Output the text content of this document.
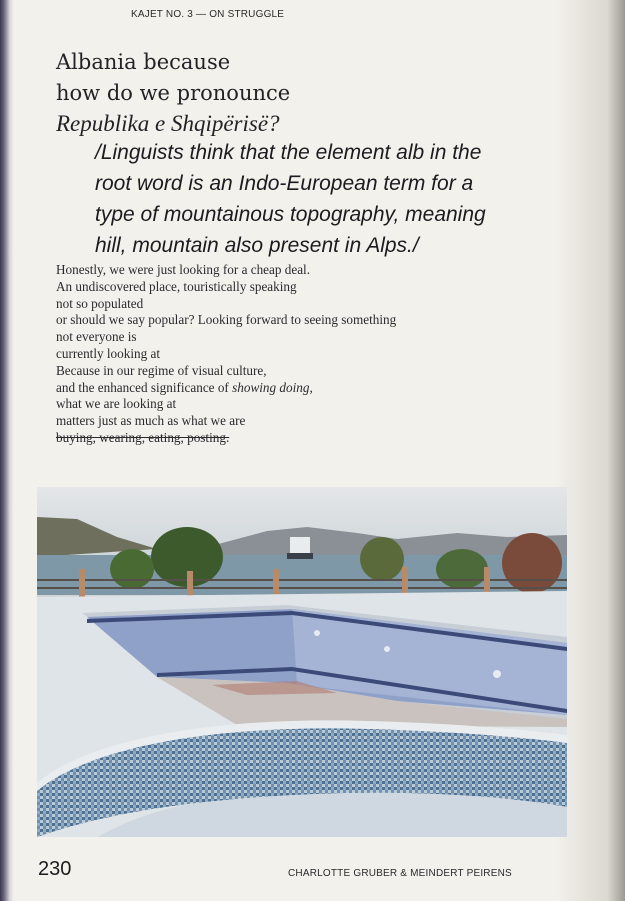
KAJET NO. 3 — ON STRUGGLE
Albania because
how do we pronounce
Republika e Shqipërisë?
/Linguists think that the element alb in the
root word is an Indo-European term for a
type of mountainous topography, meaning
hill, mountain also present in Alps./
Honestly, we were just looking for a cheap deal.
An undiscovered place, touristically speaking
not so populated
or should we say popular? Looking forward to seeing something
not everyone is
currently looking at
Because in our regime of visual culture,
and the enhanced significance of showing doing,
what we are looking at
matters just as much as what we are
buying, wearing, eating, posting.
230	CHARLOTTE GRUBER & MEINDERT PEIRENS
